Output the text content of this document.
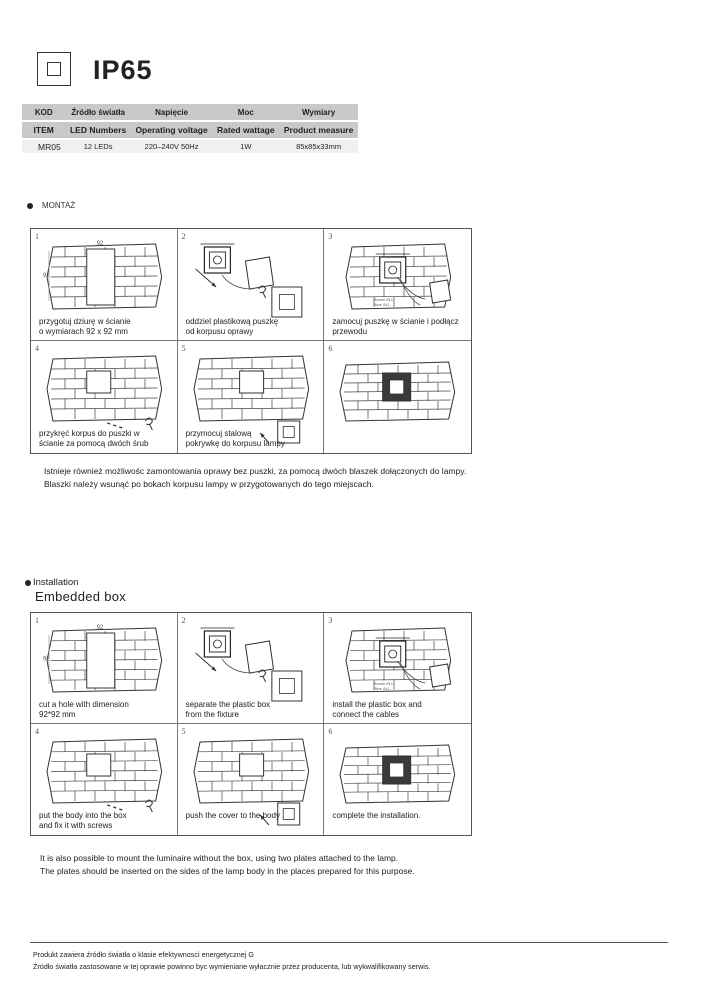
IP65
KOD	Źródło światła	Napięcie	Moc	Wymiary
ITEM	LED Numbers	Operating voltage	Rated wattage	Product measure
MR05	12 LEDs	220–240V 50Hz	1W	85x85x33mm
MONTAŻ
92
92
1
przygotuj dziurę w ścianie
o wymiarach 92 x 92 mm
2
oddziel plastikową puszkę
od korpusu oprawy
Brown /N,L
Blue /N,L
3
zamocuj puszkę w ścianie i podłącz
przewodu
4
przykręć korpus do puszki w
ścianie za pomocą dwóch śrub
5
przymocuj stalową
pokrywkę do korpusu lampy
6
Istnieje również możliwośc zamontowania oprawy bez puszki, za pomocą dwóch blaszek dołączonych do lampy.
Blaszki należy wsunąć po bokach korpusu lampy w przygotowanych do tego miejscach.
Installation
Embedded box
92
92
1
cut a hole with dimension
92*92 mm
2
separate the plastic box
from the fixture
Brown /N,L
Blue /N,L
3
install the plastic box and
connect the cables
4
put the body into the box
and fix it with screws
5
push the cover to the body
6
complete the installation.
It is also possible to mount the luminaire without the box, using two plates attached to the lamp.
The plates should be inserted on the sides of the lamp body in the places prepared for this purpose.
Produkt zawiera źródło światła o klasie efektywnosci energetycznej G
Źródło światła zastosowane w tej oprawie powinno byc wymieniane wyłacznie przez producenta, lub wykwalifikowany serwis.
